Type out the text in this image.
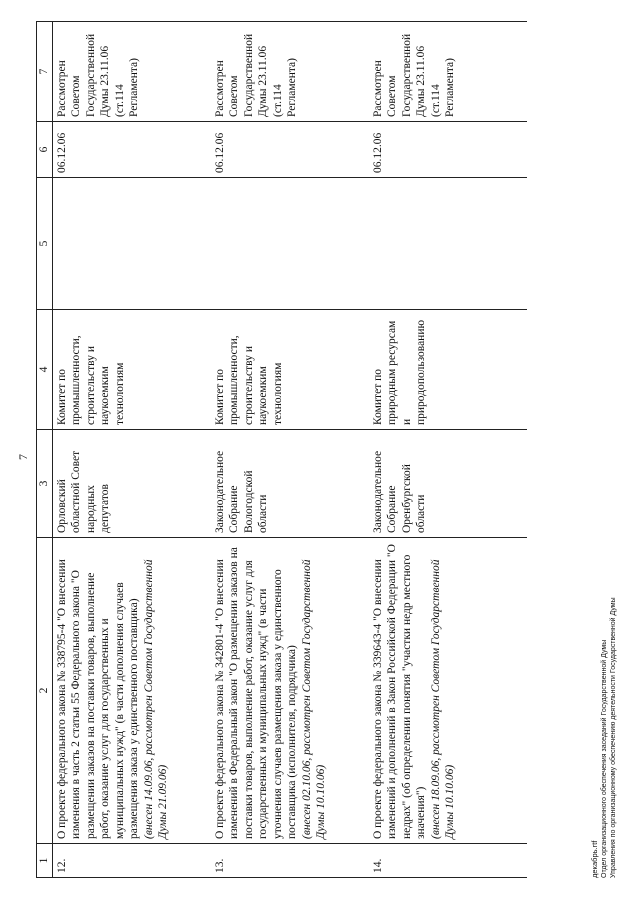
7
1	2	3	4	5	6	7
12.	О проекте федерального закона № 338795-4 "О внесении изменения в часть 2 статьи 55 Федерального закона "О размещении заказов на поставки товаров, выполнение работ, оказание услуг для государственных и муниципальных нужд" (в части дополнения случаев размещения заказа у единственного поставщика) (внесен 14.09.06, рассмотрен Советом Государственной Думы 21.09.06)	Орловский областной Совет народных депутатов	Комитет по промышленности, строительству и наукоемким технологиям		06.12.06	Рассмотрен Советом Государственной Думы 23.11.06 (ст.114 Регламента)
13.	О проекте федерального закона № 342801-4 "О внесении изменений в Федеральный закон "О размещении заказов на поставки товаров, выполнение работ, оказание услуг для государственных и муниципальных нужд" (в части уточнения случаев размещения заказа у единственного поставщика (исполнителя, подрядчика) (внесен 02.10.06, рассмотрен Советом Государственной Думы 10.10.06)	Законодательное Собрание Вологодской области	Комитет по промышленности, строительству и наукоемким технологиям		06.12.06	Рассмотрен Советом Государственной Думы 23.11.06 (ст.114 Регламента)
14.	О проекте федерального закона № 339643-4 "О внесении изменений и дополнений в Закон Российской Федерации "О недрах" (об определении понятия "участки недр местного значения") (внесен 18.09.06, рассмотрен Советом Государственной Думы 10.10.06)	Законодательное Собрание Оренбургской области	Комитет по природным ресурсам и природопользованию		06.12.06	Рассмотрен Советом Государственной Думы 23.11.06 (ст.114 Регламента)
декабрь.rtf Отдел организационного обеспечения заседаний Государственной Думы Управления по организационному обеспечению деятельности Государственной Думы
